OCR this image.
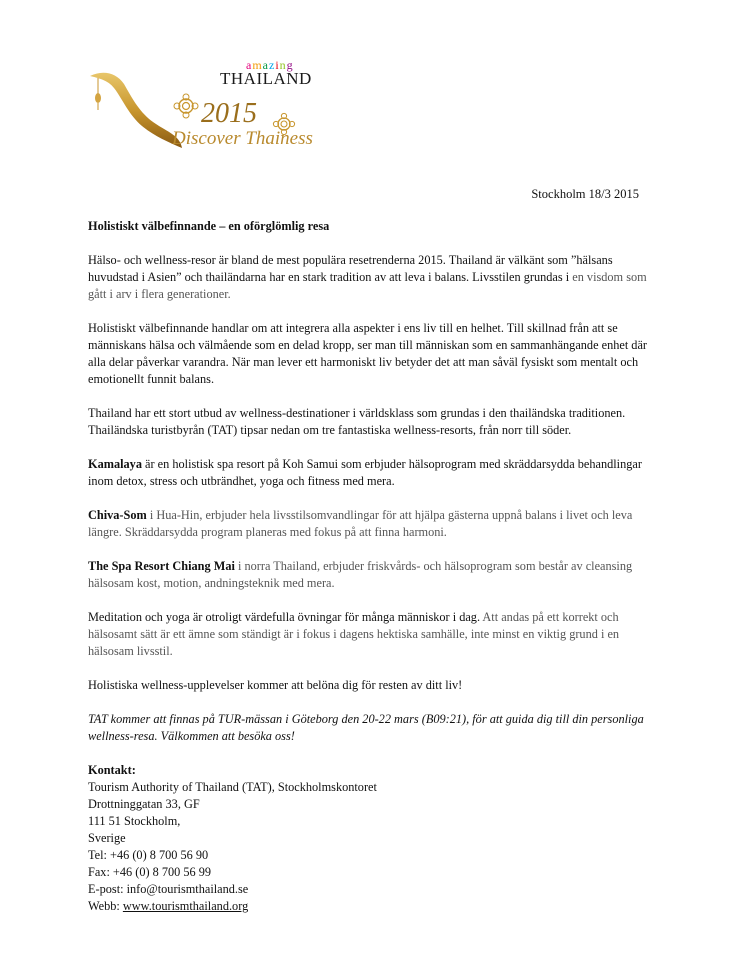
amazing
THAILAND
2015
Discover Thainess
Stockholm 18/3 2015

Holistiskt välbefinnande – en oförglömlig resa

Hälso- och wellness-resor är bland de mest populära resetrenderna 2015. Thailand är välkänt som ”hälsans huvudstad i Asien” och thailändarna har en stark tradition av att leva i balans. Livsstilen grundas i en visdom som gått i arv i flera generationer.

Holistiskt välbefinnande handlar om att integrera alla aspekter i ens liv till en helhet. Till skillnad från att se människans hälsa och välmående som en delad kropp, ser man till människan som en sammanhängande enhet där alla delar påverkar varandra. När man lever ett harmoniskt liv betyder det att man såväl fysiskt som mentalt och emotionellt funnit balans.

Thailand har ett stort utbud av wellness-destinationer i världsklass som grundas i den thailändska traditionen. Thailändska turistbyrån (TAT) tipsar nedan om tre fantastiska wellness-resorts, från norr till söder.

Kamalaya är en holistisk spa resort på Koh Samui som erbjuder hälsoprogram med skräddarsydda behandlingar inom detox, stress och utbrändhet, yoga och fitness med mera.

Chiva-Som i Hua-Hin, erbjuder hela livsstilsomvandlingar för att hjälpa gästerna uppnå balans i livet och leva längre. Skräddarsydda program planeras med fokus på att finna harmoni.

The Spa Resort Chiang Mai i norra Thailand, erbjuder friskvårds- och hälsoprogram som består av cleansing hälsosam kost, motion, andningsteknik med mera.

Meditation och yoga är otroligt värdefulla övningar för många människor i dag. Att andas på ett korrekt och hälsosamt sätt är ett ämne som ständigt är i fokus i dagens hektiska samhälle, inte minst en viktig grund i en hälsosam livsstil.

Holistiska wellness-upplevelser kommer att belöna dig för resten av ditt liv!

TAT kommer att finnas på TUR-mässan i Göteborg den 20-22 mars (B09:21), för att guida dig till din personliga wellness-resa. Välkommen att besöka oss!

Kontakt:

Tourism Authority of Thailand (TAT), Stockholmskontoret

Drottninggatan 33, GF

111 51 Stockholm,

Sverige

Tel: +46 (0) 8 700 56 90

Fax: +46 (0) 8 700 56 99

E-post: info@tourismthailand.se

Webb: www.tourismthailand.org
